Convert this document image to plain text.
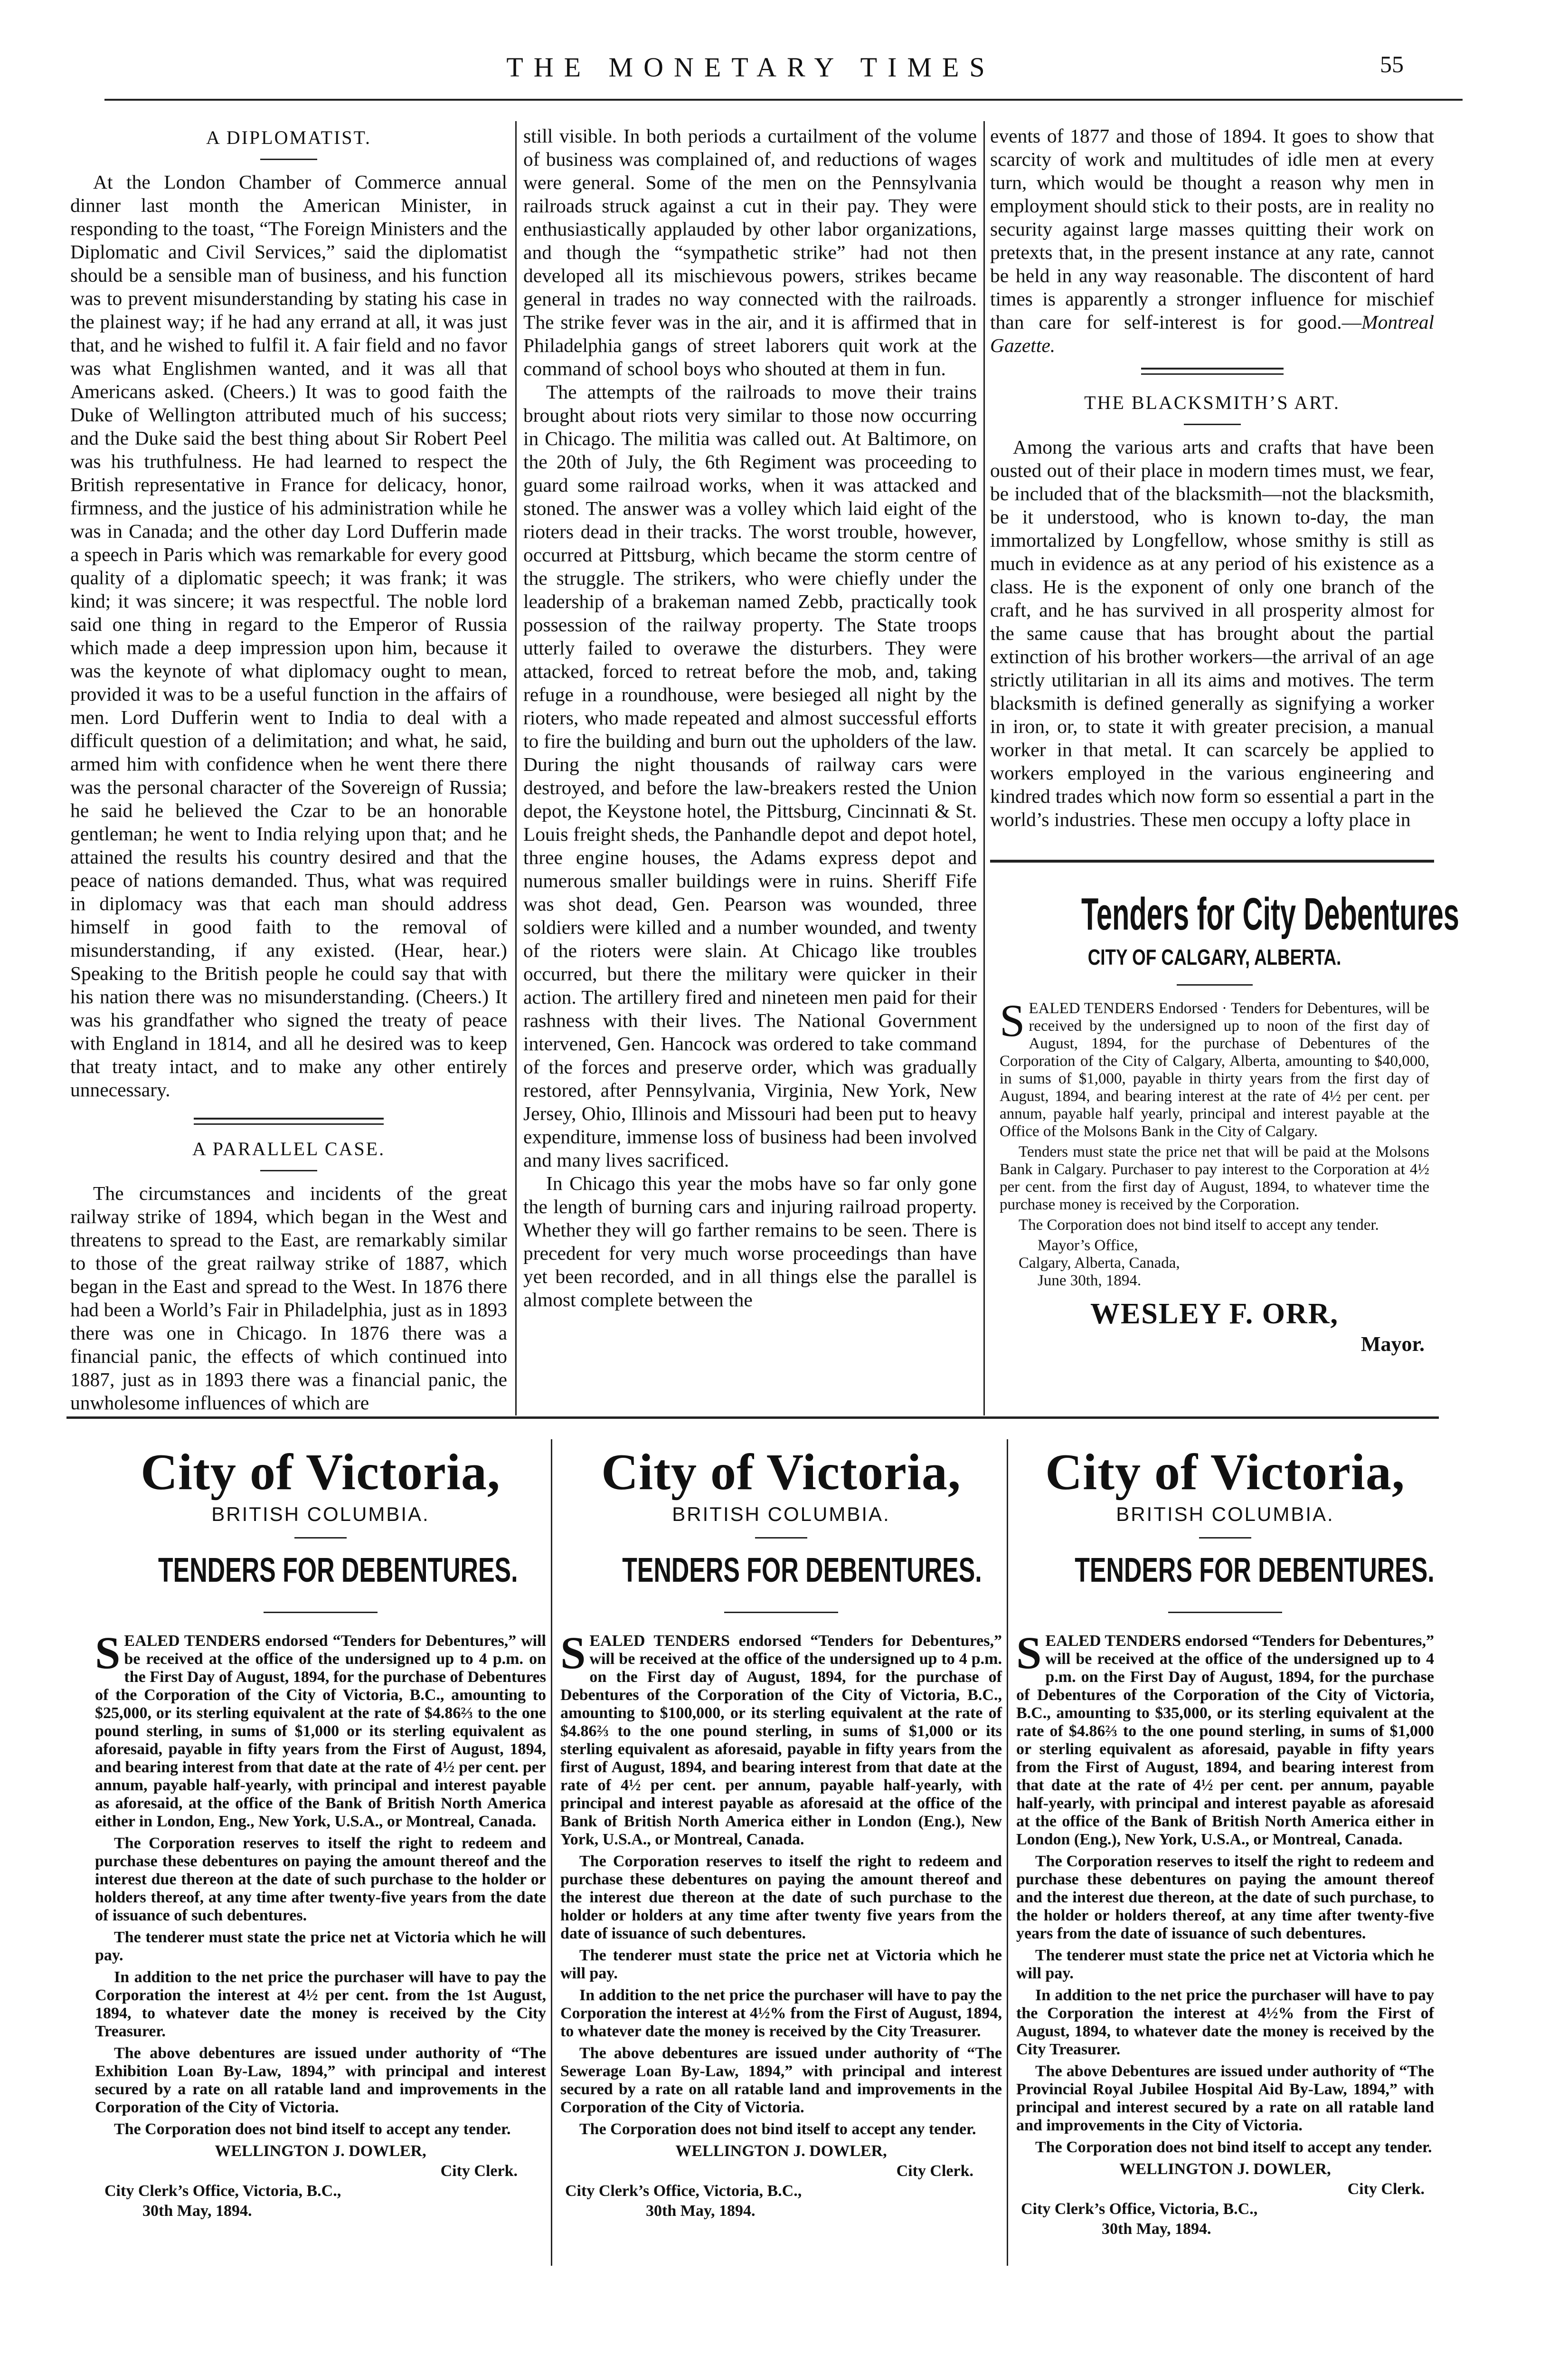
THE MONETARY TIMES	55
A DIPLOMATIST.

At the London Chamber of Commerce annual dinner last month the American Minister, in responding to the toast, “The Foreign Ministers and the Diplomatic and Civil Services,” said the diplomatist should be a sensible man of business, and his function was to prevent misunderstanding by stating his case in the plainest way; if he had any errand at all, it was just that, and he wished to fulfil it. A fair field and no favor was what Englishmen wanted, and it was all that Americans asked. (Cheers.) It was to good faith the Duke of Wellington attributed much of his success; and the Duke said the best thing about Sir Robert Peel was his truthfulness. He had learned to respect the British representative in France for delicacy, honor, firmness, and the justice of his administration while he was in Canada; and the other day Lord Dufferin made a speech in Paris which was remarkable for every good quality of a diplomatic speech; it was frank; it was kind; it was sincere; it was respectful. The noble lord said one thing in regard to the Emperor of Russia which made a deep impression upon him, because it was the keynote of what diplomacy ought to mean, provided it was to be a useful function in the affairs of men. Lord Dufferin went to India to deal with a difficult question of a delimitation; and what, he said, armed him with confidence when he went there there was the personal character of the Sovereign of Russia; he said he believed the Czar to be an honorable gentleman; he went to India relying upon that; and he attained the results his country desired and that the peace of nations demanded. Thus, what was required in diplomacy was that each man should address himself in good faith to the removal of misunderstanding, if any existed. (Hear, hear.) Speaking to the British people he could say that with his nation there was no misunderstanding. (Cheers.) It was his grandfather who signed the treaty of peace with England in 1814, and all he desired was to keep that treaty intact, and to make any other entirely unnecessary.

A PARALLEL CASE.

The circumstances and incidents of the great railway strike of 1894, which began in the West and threatens to spread to the East, are remarkably similar to those of the great railway strike of 1887, which began in the East and spread to the West. In 1876 there had been a World’s Fair in Philadelphia, just as in 1893 there was one in Chicago. In 1876 there was a financial panic, the effects of which continued into 1887, just as in 1893 there was a financial panic, the unwholesome influences of which are

still visible. In both periods a curtailment of the volume of business was complained of, and reductions of wages were general. Some of the men on the Pennsylvania railroads struck against a cut in their pay. They were enthusiastically applauded by other labor organizations, and though the “sympathetic strike” had not then developed all its mischievous powers, strikes became general in trades no way connected with the railroads. The strike fever was in the air, and it is affirmed that in Philadelphia gangs of street laborers quit work at the command of school boys who shouted at them in fun.

The attempts of the railroads to move their trains brought about riots very similar to those now occurring in Chicago. The militia was called out. At Baltimore, on the 20th of July, the 6th Regiment was proceeding to guard some railroad works, when it was attacked and stoned. The answer was a volley which laid eight of the rioters dead in their tracks. The worst trouble, however, occurred at Pittsburg, which became the storm centre of the struggle. The strikers, who were chiefly under the leadership of a brakeman named Zebb, practically took possession of the railway property. The State troops utterly failed to overawe the disturbers. They were attacked, forced to retreat before the mob, and, taking refuge in a roundhouse, were besieged all night by the rioters, who made repeated and almost successful efforts to fire the building and burn out the upholders of the law. During the night thousands of railway cars were destroyed, and before the law-breakers rested the Union depot, the Keystone hotel, the Pittsburg, Cincinnati & St. Louis freight sheds, the Panhandle depot and depot hotel, three engine houses, the Adams express depot and numerous smaller buildings were in ruins. Sheriff Fife was shot dead, Gen. Pearson was wounded, three soldiers were killed and a number wounded, and twenty of the rioters were slain. At Chicago like troubles occurred, but there the military were quicker in their action. The artillery fired and nineteen men paid for their rashness with their lives. The National Government intervened, Gen. Hancock was ordered to take command of the forces and preserve order, which was gradually restored, after Pennsylvania, Virginia, New York, New Jersey, Ohio, Illinois and Missouri had been put to heavy expenditure, immense loss of business had been involved and many lives sacrificed.

In Chicago this year the mobs have so far only gone the length of burning cars and injuring railroad property. Whether they will go farther remains to be seen. There is precedent for very much worse proceedings than have yet been recorded, and in all things else the parallel is almost complete between the

events of 1877 and those of 1894. It goes to show that scarcity of work and multitudes of idle men at every turn, which would be thought a reason why men in employment should stick to their posts, are in reality no security against large masses quitting their work on pretexts that, in the present instance at any rate, cannot be held in any way reasonable. The discontent of hard times is apparently a stronger influence for mischief than care for self-interest is for good.—Montreal Gazette.

THE BLACKSMITH’S ART.

Among the various arts and crafts that have been ousted out of their place in modern times must, we fear, be included that of the blacksmith—not the blacksmith, be it understood, who is known to-day, the man immortalized by Longfellow, whose smithy is still as much in evidence as at any period of his existence as a class. He is the exponent of only one branch of the craft, and he has survived in all prosperity almost for the same cause that has brought about the partial extinction of his brother workers—the arrival of an age strictly utilitarian in all its aims and motives. The term blacksmith is defined generally as signifying a worker in iron, or, to state it with greater precision, a manual worker in that metal. It can scarcely be applied to workers employed in the various engineering and kindred trades which now form so essential a part in the world’s industries. These men occupy a lofty place in

Tenders for City Debentures
CITY OF CALGARY, ALBERTA.

SEALED TENDERS Endorsed · Tenders for Debentures, will be received by the undersigned up to noon of the first day of August, 1894, for the purchase of Debentures of the Corporation of the City of Calgary, Alberta, amounting to $40,000, in sums of $1,000, payable in thirty years from the first day of August, 1894, and bearing interest at the rate of 4½ per cent. per annum, payable half yearly, principal and interest payable at the Office of the Molsons Bank in the City of Calgary.

Tenders must state the price net that will be paid at the Molsons Bank in Calgary. Purchaser to pay interest to the Corporation at 4½ per cent. from the first day of August, 1894, to whatever time the purchase money is received by the Corporation.

The Corporation does not bind itself to accept any tender.

Mayor’s Office,

Calgary, Alberta, Canada,

June 30th, 1894.

WESLEY F. ORR,
Mayor.
City of Victoria,
BRITISH COLUMBIA.
TENDERS FOR DEBENTURES.

SEALED TENDERS endorsed “Tenders for Debentures,” will be received at the office of the undersigned up to 4 p.m. on the First Day of August, 1894, for the purchase of Debentures of the Corporation of the City of Victoria, B.C., amounting to $25,000, or its sterling equivalent at the rate of $4.86⅔ to the one pound sterling, in sums of $1,000 or its sterling equivalent as aforesaid, payable in fifty years from the First of August, 1894, and bearing interest from that date at the rate of 4½ per cent. per annum, payable half-yearly, with principal and interest payable as aforesaid, at the office of the Bank of British North America either in London, Eng., New York, U.S.A., or Montreal, Canada.

The Corporation reserves to itself the right to redeem and purchase these debentures on paying the amount thereof and the interest due thereon at the date of such purchase to the holder or holders thereof, at any time after twenty-five years from the date of issuance of such debentures.

The tenderer must state the price net at Victoria which he will pay.

In addition to the net price the purchaser will have to pay the Corporation the interest at 4½ per cent. from the 1st August, 1894, to whatever date the money is received by the City Treasurer.

The above debentures are issued under authority of “The Exhibition Loan By-Law, 1894,” with principal and interest secured by a rate on all ratable land and improvements in the Corporation of the City of Victoria.

The Corporation does not bind itself to accept any tender.

WELLINGTON J. DOWLER,
City Clerk.
City Clerk’s Office, Victoria, B.C.,
30th May, 1894.
City of Victoria,
BRITISH COLUMBIA.
TENDERS FOR DEBENTURES.

SEALED TENDERS endorsed “Tenders for Debentures,” will be received at the office of the undersigned up to 4 p.m. on the First day of August, 1894, for the purchase of Debentures of the Corporation of the City of Victoria, B.C., amounting to $100,000, or its sterling equivalent at the rate of $4.86⅔ to the one pound sterling, in sums of $1,000 or its sterling equivalent as aforesaid, payable in fifty years from the first of August, 1894, and bearing interest from that date at the rate of 4½ per cent. per annum, payable half-yearly, with principal and interest payable as aforesaid at the office of the Bank of British North America either in London (Eng.), New York, U.S.A., or Montreal, Canada.

The Corporation reserves to itself the right to redeem and purchase these debentures on paying the amount thereof and the interest due thereon at the date of such purchase to the holder or holders at any time after twenty five years from the date of issuance of such debentures.

The tenderer must state the price net at Victoria which he will pay.

In addition to the net price the purchaser will have to pay the Corporation the interest at 4½% from the First of August, 1894, to whatever date the money is received by the City Treasurer.

The above debentures are issued under authority of “The Sewerage Loan By-Law, 1894,” with principal and interest secured by a rate on all ratable land and improvements in the Corporation of the City of Victoria.

The Corporation does not bind itself to accept any tender.

WELLINGTON J. DOWLER,
City Clerk.
City Clerk’s Office, Victoria, B.C.,
30th May, 1894.
City of Victoria,
BRITISH COLUMBIA.
TENDERS FOR DEBENTURES.

SEALED TENDERS endorsed “Tenders for Debentures,” will be received at the office of the undersigned up to 4 p.m. on the First Day of August, 1894, for the purchase of Debentures of the Corporation of the City of Victoria, B.C., amounting to $35,000, or its sterling equivalent at the rate of $4.86⅔ to the one pound sterling, in sums of $1,000 or sterling equivalent as aforesaid, payable in fifty years from the First of August, 1894, and bearing interest from that date at the rate of 4½ per cent. per annum, payable half-yearly, with principal and interest payable as aforesaid at the office of the Bank of British North America either in London (Eng.), New York, U.S.A., or Montreal, Canada.

The Corporation reserves to itself the right to redeem and purchase these debentures on paying the amount thereof and the interest due thereon, at the date of such purchase, to the holder or holders thereof, at any time after twenty-five years from the date of issuance of such debentures.

The tenderer must state the price net at Victoria which he will pay.

In addition to the net price the purchaser will have to pay the Corporation the interest at 4½% from the First of August, 1894, to whatever date the money is received by the City Treasurer.

The above Debentures are issued under authority of “The Provincial Royal Jubilee Hospital Aid By-Law, 1894,” with principal and interest secured by a rate on all ratable land and improvements in the City of Victoria.

The Corporation does not bind itself to accept any tender.

WELLINGTON J. DOWLER,
City Clerk.
City Clerk’s Office, Victoria, B.C.,
30th May, 1894.
